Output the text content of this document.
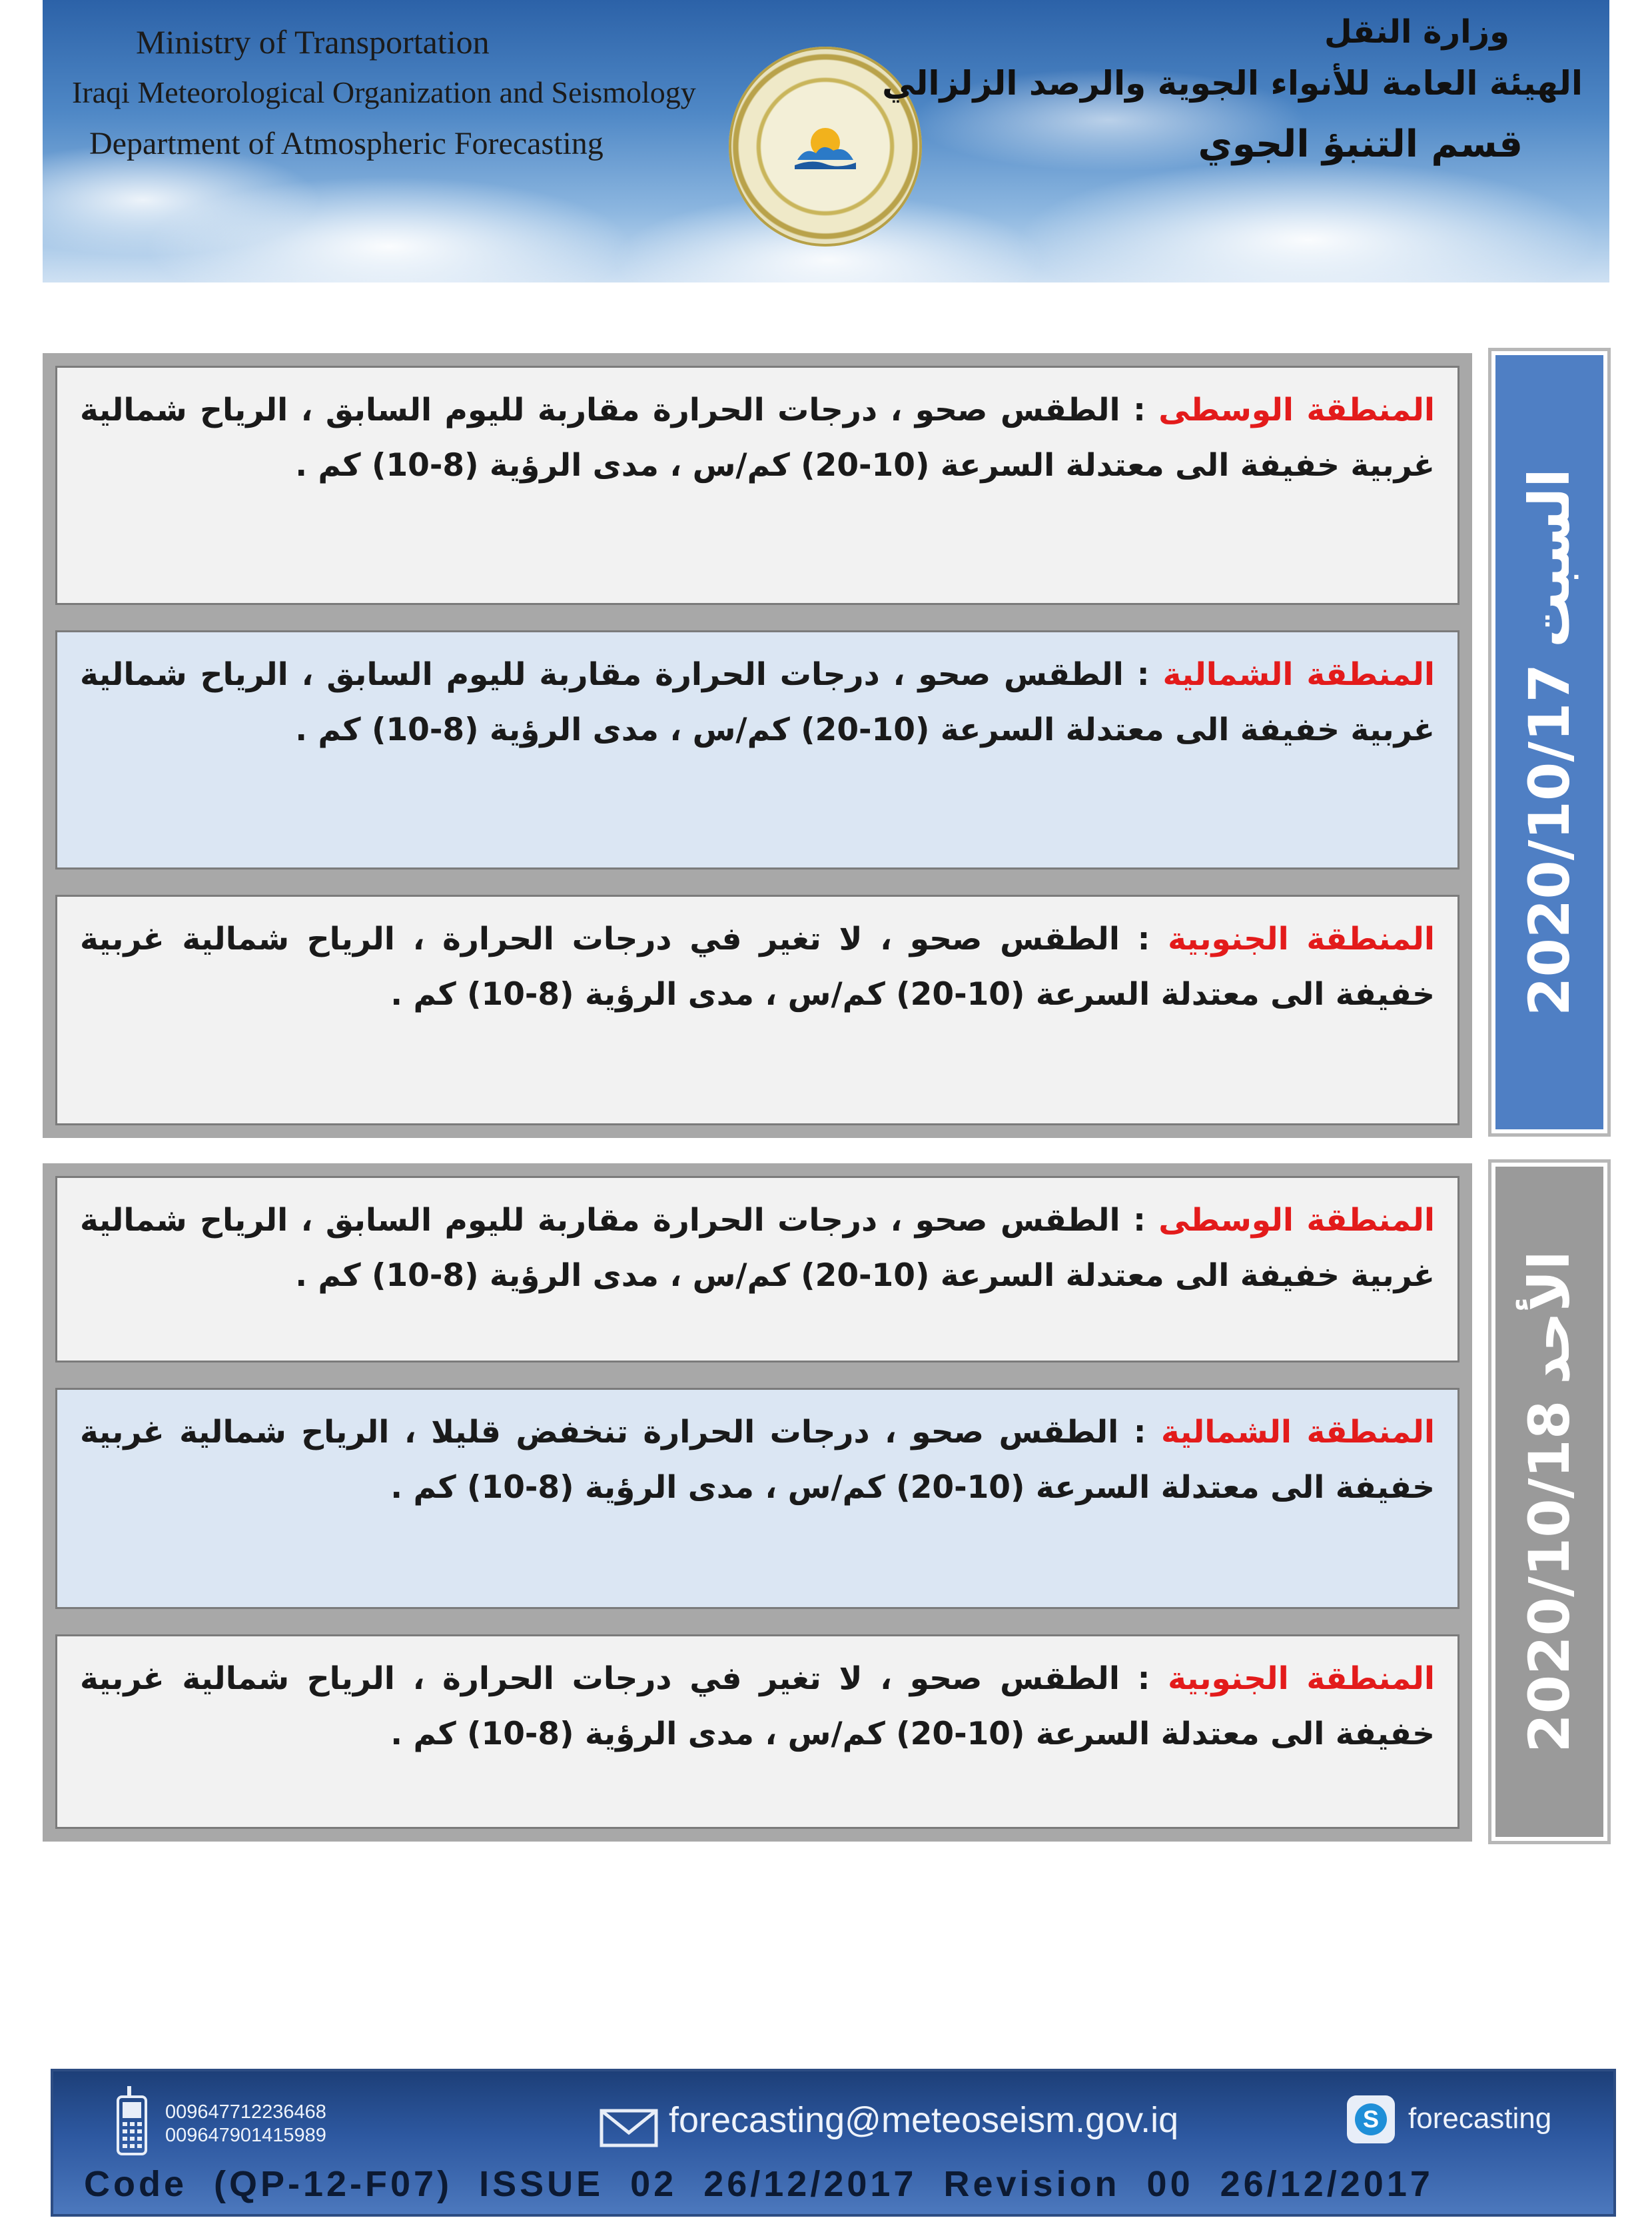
Ministry of Transportation
Iraqi Meteorological Organization and Seismology
Department of Atmospheric Forecasting
وزارة النقل
الهيئة العامة للأنواء الجوية والرصد الزلزالي
قسم التنبؤ الجوي
المنطقة الوسطى : الطقس صحو ، درجات الحرارة مقاربة لليوم السابق ، الرياح شمالية غربية خفيفة الى معتدلة السرعة (10-20) كم/س ، مدى الرؤية (8-10) كم .
المنطقة الشمالية : الطقس صحو ، درجات الحرارة مقاربة لليوم السابق ، الرياح شمالية غربية خفيفة الى معتدلة السرعة (10-20) كم/س ، مدى الرؤية (8-10) كم .
المنطقة الجنوبية : الطقس صحو ، لا تغير في درجات الحرارة ، الرياح شمالية غربية خفيفة الى معتدلة السرعة (10-20) كم/س ، مدى الرؤية (8-10) كم .
السبت2020/10/17
المنطقة الوسطى : الطقس صحو ، درجات الحرارة مقاربة لليوم السابق ، الرياح شمالية غربية خفيفة الى معتدلة السرعة (10-20) كم/س ، مدى الرؤية (8-10) كم .
المنطقة الشمالية : الطقس صحو ، درجات الحرارة تنخفض قليلا ، الرياح شمالية غربية خفيفة الى معتدلة السرعة (10-20) كم/س ، مدى الرؤية (8-10) كم .
المنطقة الجنوبية : الطقس صحو ، لا تغير في درجات الحرارة ، الرياح شمالية غربية خفيفة الى معتدلة السرعة (10-20) كم/س ، مدى الرؤية (8-10) كم .
الأحد2020/10/18
009647712236468
009647901415989	forecasting@meteoseism.gov.iq	S forecasting
Code  (QP-12-F07)  ISSUE  02  26/12/2017  Revision  00  26/12/2017
